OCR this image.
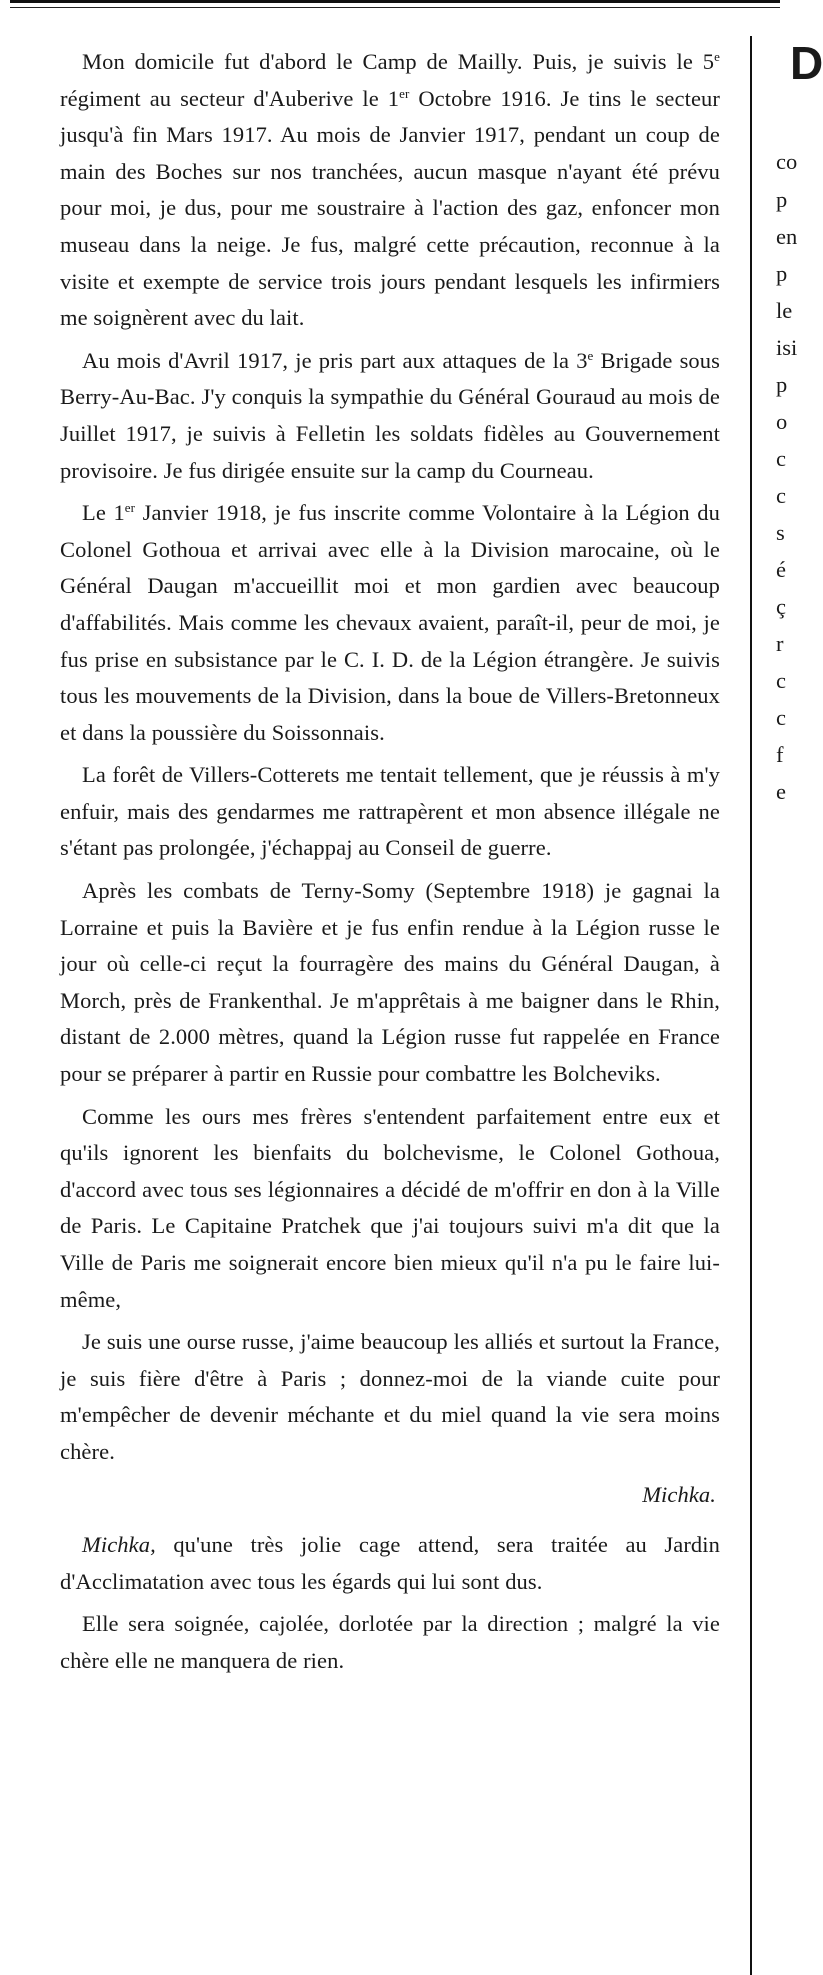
Mon domicile fut d'abord le Camp de Mailly. Puis, je suivis le 5e régiment au secteur d'Auberive le 1er Octobre 1916. Je tins le secteur jusqu'à fin Mars 1917. Au mois de Janvier 1917, pendant un coup de main des Boches sur nos tranchées, aucun masque n'ayant été prévu pour moi, je dus, pour me soustraire à l'action des gaz, enfoncer mon museau dans la neige. Je fus, malgré cette précaution, reconnue à la visite et exempte de service trois jours pendant lesquels les infirmiers me soignèrent avec du lait.

Au mois d'Avril 1917, je pris part aux attaques de la 3e Brigade sous Berry-Au-Bac. J'y conquis la sympathie du Général Gouraud au mois de Juillet 1917, je suivis à Felletin les soldats fidèles au Gouvernement provisoire. Je fus dirigée ensuite sur la camp du Courneau.

Le 1er Janvier 1918, je fus inscrite comme Volontaire à la Légion du Colonel Gothoua et arrivai avec elle à la Division marocaine, où le Général Daugan m'accueillit moi et mon gardien avec beaucoup d'affabilités. Mais comme les chevaux avaient, paraît-il, peur de moi, je fus prise en subsistance par le C. I. D. de la Légion étrangère. Je suivis tous les mouvements de la Division, dans la boue de Villers-Bretonneux et dans la poussière du Soissonnais.

La forêt de Villers-Cotterets me tentait tellement, que je réussis à m'y enfuir, mais des gendarmes me rattrapèrent et mon absence illégale ne s'étant pas prolongée, j'échappaj au Conseil de guerre.

Après les combats de Terny-Somy (Septembre 1918) je gagnai la Lorraine et puis la Bavière et je fus enfin rendue à la Légion russe le jour où celle-ci reçut la fourragère des mains du Général Daugan, à Morch, près de Frankenthal. Je m'apprêtais à me baigner dans le Rhin, distant de 2.000 mètres, quand la Légion russe fut rappelée en France pour se préparer à partir en Russie pour combattre les Bolcheviks.

Comme les ours mes frères s'entendent parfaitement entre eux et qu'ils ignorent les bienfaits du bolchevisme, le Colonel Gothoua, d'accord avec tous ses légionnaires a décidé de m'offrir en don à la Ville de Paris. Le Capitaine Pratchek que j'ai toujours suivi m'a dit que la Ville de Paris me soignerait encore bien mieux qu'il n'a pu le faire lui-même,

Je suis une ourse russe, j'aime beaucoup les alliés et surtout la France, je suis fière d'être à Paris ; donnez-moi de la viande cuite pour m'empêcher de devenir méchante et du miel quand la vie sera moins chère.

Michka.

Michka, qu'une très jolie cage attend, sera traitée au Jardin d'Acclimatation avec tous les égards qui lui sont dus.

Elle sera soignée, cajolée, dorlotée par la direction ; malgré la vie chère elle ne manquera de rien.

D
co
p
en
p
le
isi
p
o
c
c
s
é
ç
r
c
c
f
e
